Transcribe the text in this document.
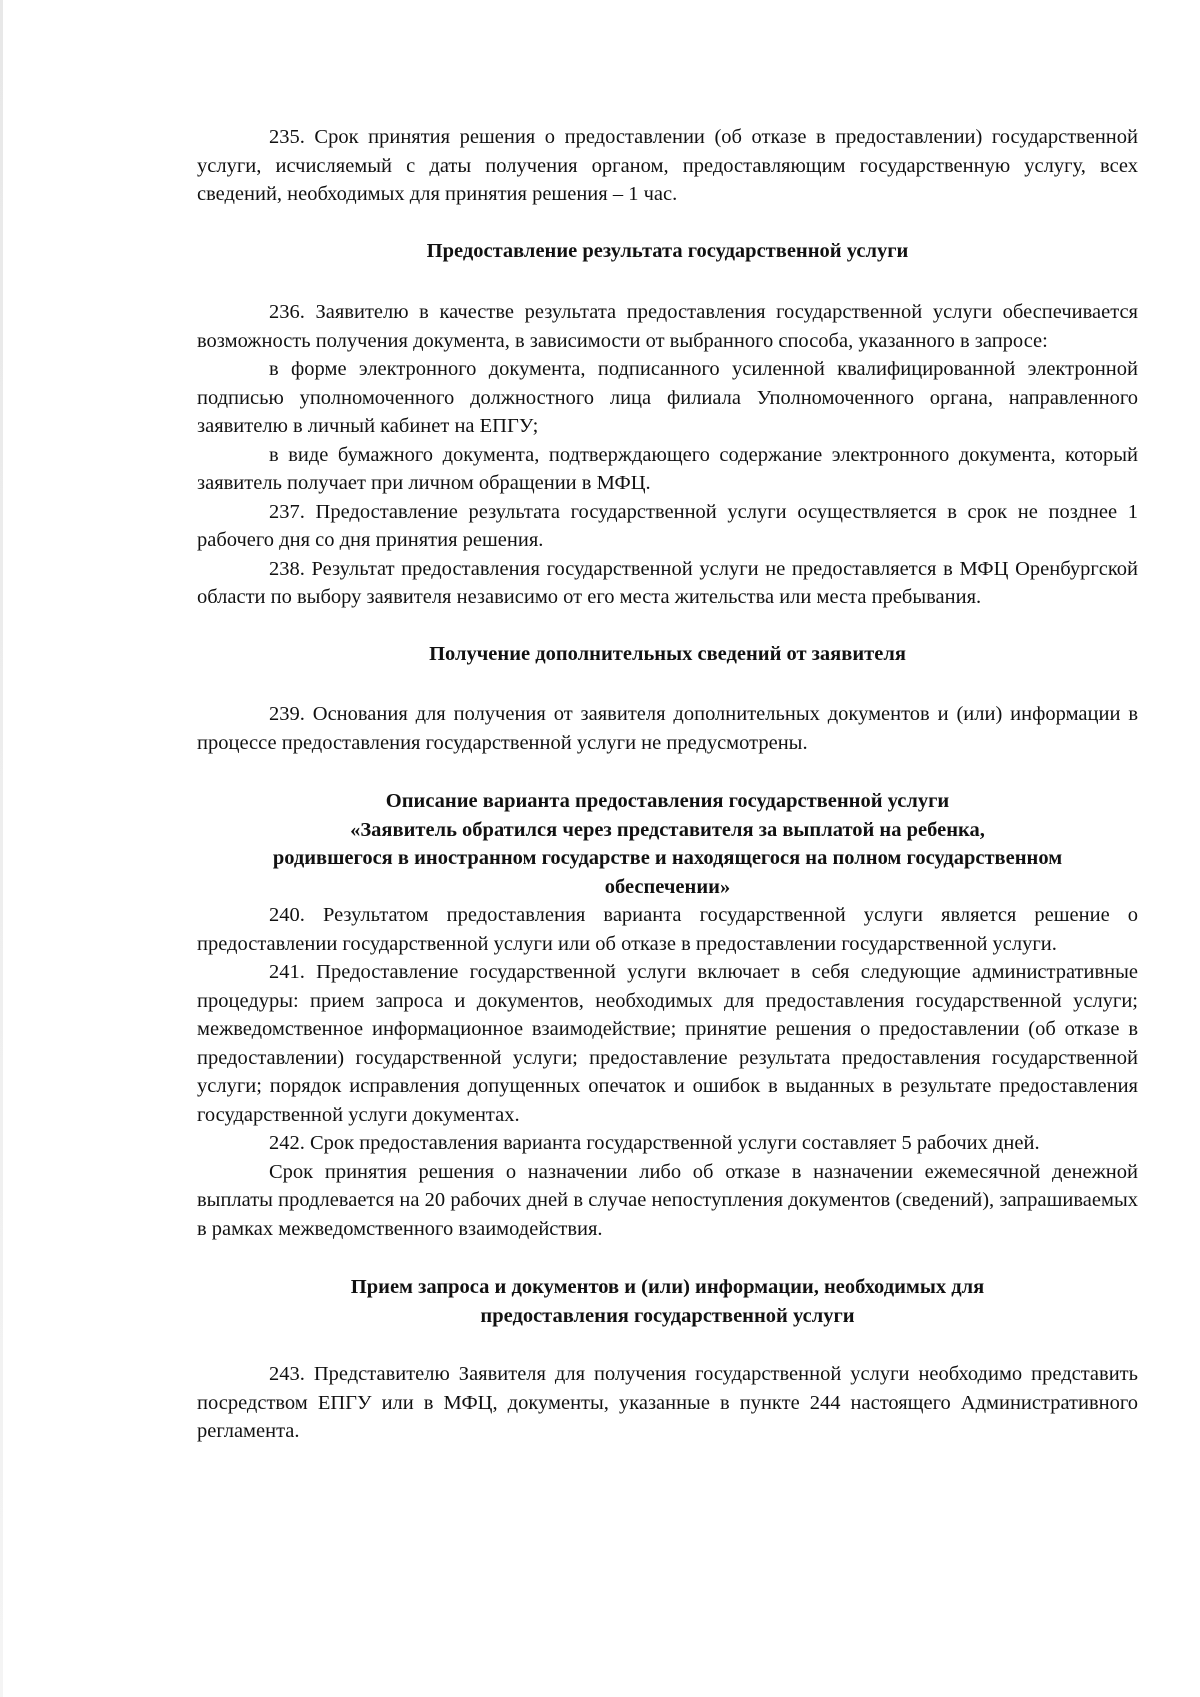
235. Срок принятия решения о предоставлении (об отказе в предоставлении) государственной услуги, исчисляемый с даты получения органом, предоставляющим государственную услугу, всех сведений, необходимых для принятия решения – 1 час.

Предоставление результата государственной услуги

236. Заявителю в качестве результата предоставления государственной услуги обеспечивается возможность получения документа, в зависимости от выбранного способа, указанного в запросе:

в форме электронного документа, подписанного усиленной квалифицированной электронной подписью уполномоченного должностного лица филиала Уполномоченного органа, направленного заявителю в личный кабинет на ЕПГУ;

в виде бумажного документа, подтверждающего содержание электронного документа, который заявитель получает при личном обращении в МФЦ.

237. Предоставление результата государственной услуги осуществляется в срок не позднее 1 рабочего дня со дня принятия решения.

238. Результат предоставления государственной услуги не предоставляется в МФЦ Оренбургской области по выбору заявителя независимо от его места жительства или места пребывания.

Получение дополнительных сведений от заявителя

239. Основания для получения от заявителя дополнительных документов и (или) информации в процессе предоставления государственной услуги не предусмотрены.

Описание варианта предоставления государственной услуги
«Заявитель обратился через представителя за выплатой на ребенка,
родившегося в иностранном государстве и находящегося на полном государственном
обеспечении»

240. Результатом предоставления варианта государственной услуги является решение о предоставлении государственной услуги или об отказе в предоставлении государственной услуги.

241. Предоставление государственной услуги включает в себя следующие административные процедуры: прием запроса и документов, необходимых для предоставления государственной услуги; межведомственное информационное взаимодействие; принятие решения о предоставлении (об отказе в предоставлении) государственной услуги; предоставление результата предоставления государственной услуги; порядок исправления допущенных опечаток и ошибок в выданных в результате предоставления государственной услуги документах.

242. Срок предоставления варианта государственной услуги составляет 5 рабочих дней.

Срок принятия решения о назначении либо об отказе в назначении ежемесячной денежной выплаты продлевается на 20 рабочих дней в случае непоступления документов (сведений), запрашиваемых в рамках межведомственного взаимодействия.

Прием запроса и документов и (или) информации, необходимых для
предоставления государственной услуги

243. Представителю Заявителя для получения государственной услуги необходимо представить посредством ЕПГУ или в МФЦ, документы, указанные в пункте 244 настоящего Административного регламента.
